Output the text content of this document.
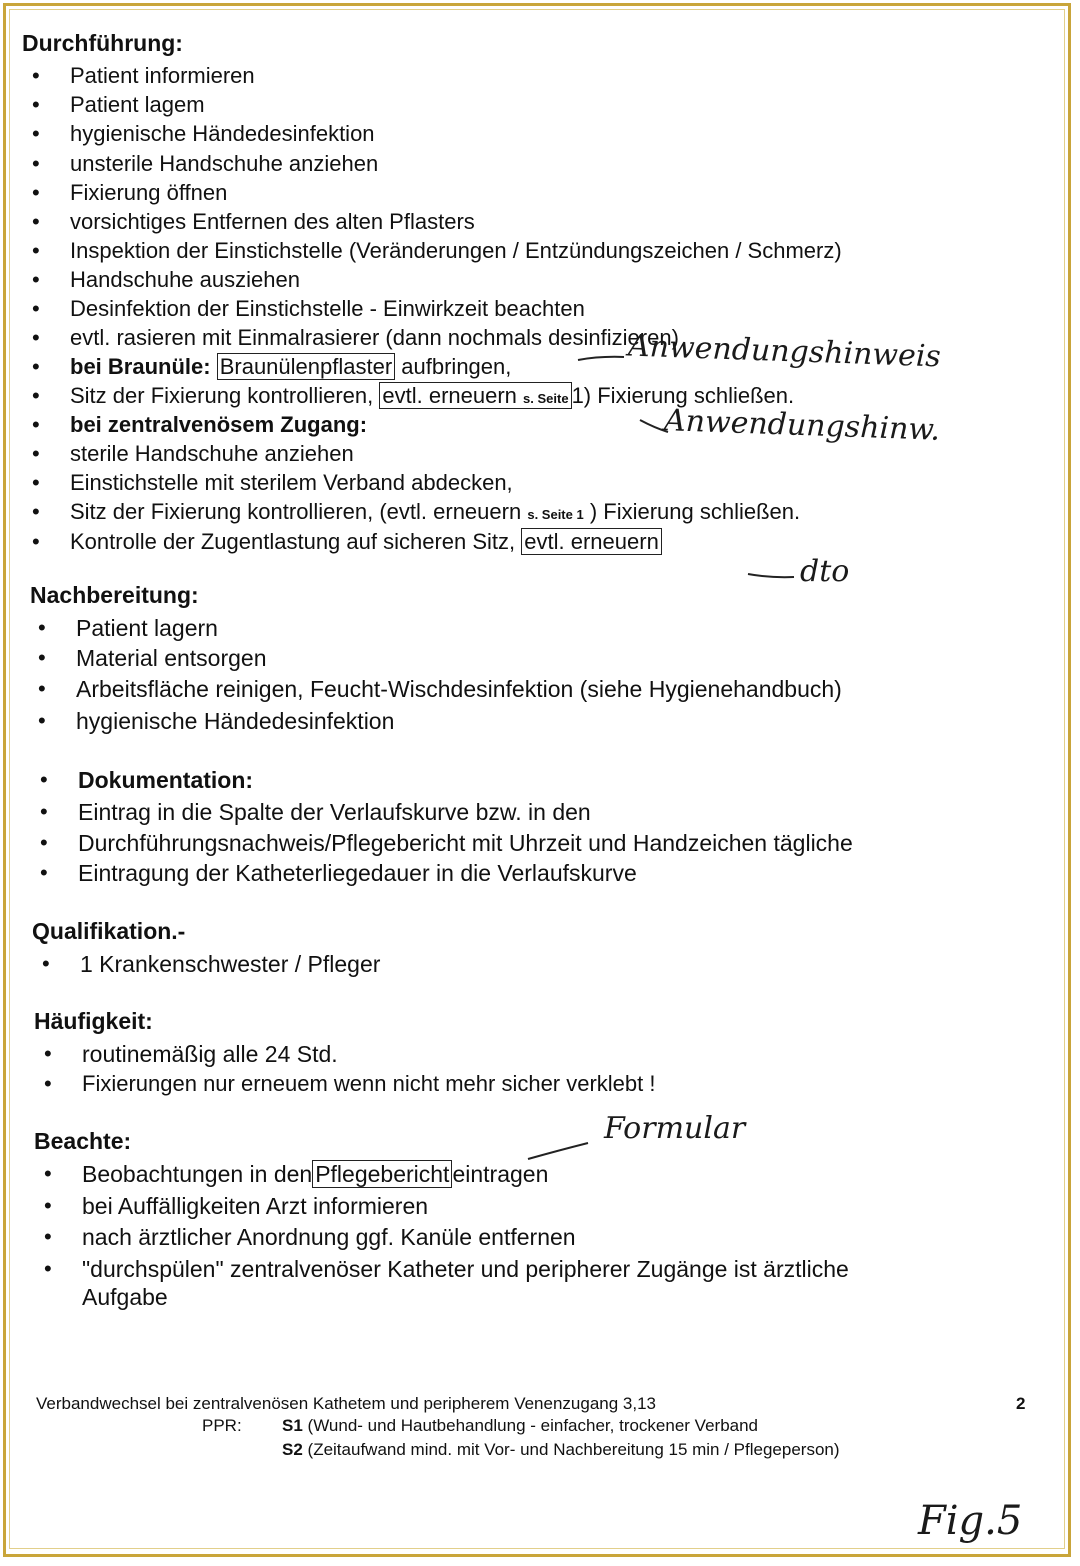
Durchführung:
• Patient informieren
• Patient lagem
• hygienische Händedesinfektion
• unsterile Handschuhe anziehen
• Fixierung öffnen
• vorsichtiges Entfernen des alten Pflasters
• Inspektion der Einstichstelle (Veränderungen / Entzündungszeichen / Schmerz)
• Handschuhe ausziehen
• Desinfektion der Einstichstelle - Einwirkzeit beachten
• evtl. rasieren mit Einmalrasierer (dann nochmals desinfizieren)
• bei Braunüle: Braunülenpflaster aufbringen,
• Sitz der Fixierung kontrollieren, evtl. erneuern s. Seite 1) Fixierung schließen.
• bei zentralvenösem Zugang:
• sterile Handschuhe anziehen
• Einstichstelle mit sterilem Verband abdecken,
• Sitz der Fixierung kontrollieren, (evtl. erneuern s. Seite 1 ) Fixierung schließen.
• Kontrolle der Zugentlastung auf sicheren Sitz, evtl. erneuern
Nachbereitung:
• Patient lagern
• Material entsorgen
• Arbeitsfläche reinigen, Feucht-Wischdesinfektion (siehe Hygienehandbuch)
• hygienische Händedesinfektion
• Dokumentation:
• Eintrag in die Spalte der Verlaufskurve bzw. in den
• Durchführungsnachweis/Pflegebericht mit Uhrzeit und Handzeichen tägliche
• Eintragung der Katheterliegedauer in die Verlaufskurve
Qualifikation.-
• 1 Krankenschwester / Pfleger
Häufigkeit:
• routinemäßig alle 24 Std.
• Fixierungen nur erneuem wenn nicht mehr sicher verklebt !
Beachte:
• Beobachtungen in den Pflegebericht eintragen
• bei Auffälligkeiten Arzt informieren
• nach ärztlicher Anordnung ggf. Kanüle entfernen
• "durchspülen" zentralvenöser Katheter und peripherer Zugänge ist ärztliche
Aufgabe
Verbandwechsel bei zentralvenösen Kathetem und peripherem Venenzugang 3,13	2
PPR: S1 (Wund- und Hautbehandlung - einfacher, trockener Verband
S2 (Zeitaufwand mind. mit Vor- und Nachbereitung 15 min / Pflegeperson)
Anwendungshinweis
Anwendungshinw.
dto
Formular
Fig.5
